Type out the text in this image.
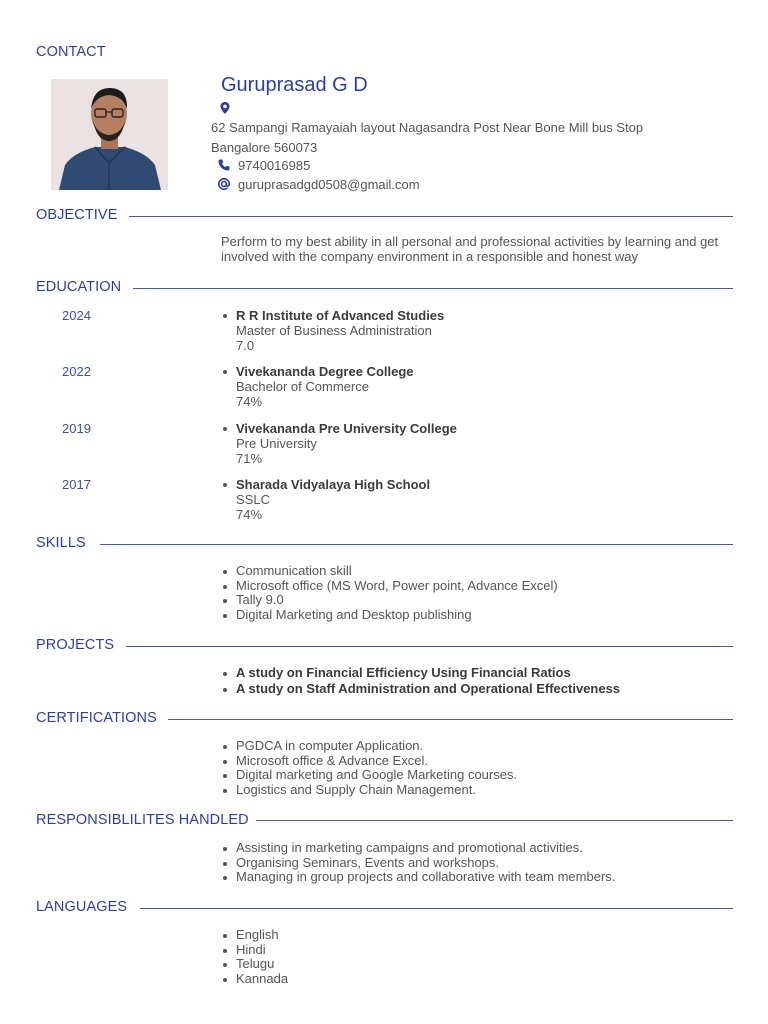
CONTACT
Guruprasad G D
62 Sampangi Ramayaiah layout Nagasandra Post Near Bone Mill bus Stop
Bangalore 560073
9740016985
guruprasadgd0508@gmail.com
OBJECTIVE
Perform to my best ability in all personal and professional activities by learning and get involved with the company environment in a responsible and honest way
EDUCATION
2024	R R Institute of Advanced Studies
Master of Business Administration
7.0
2022	Vivekananda Degree College
Bachelor of Commerce
74%
2019	Vivekananda Pre University College
Pre University
71%
2017	Sharada Vidyalaya High School
SSLC
74%
SKILLS
Communication skill
Microsoft office (MS Word, Power point, Advance Excel)
Tally 9.0
Digital Marketing and Desktop publishing
PROJECTS
A study on Financial Efficiency Using Financial Ratios
A study on Staff Administration and Operational Effectiveness
CERTIFICATIONS
PGDCA in computer Application.
Microsoft office & Advance Excel.
Digital marketing and Google Marketing courses.
Logistics and Supply Chain Management.
RESPONSIBLILITES HANDLED
Assisting in marketing campaigns and promotional activities.
Organising Seminars, Events and workshops.
Managing in group projects and collaborative with team members.
LANGUAGES
English
Hindi
Telugu
Kannada
